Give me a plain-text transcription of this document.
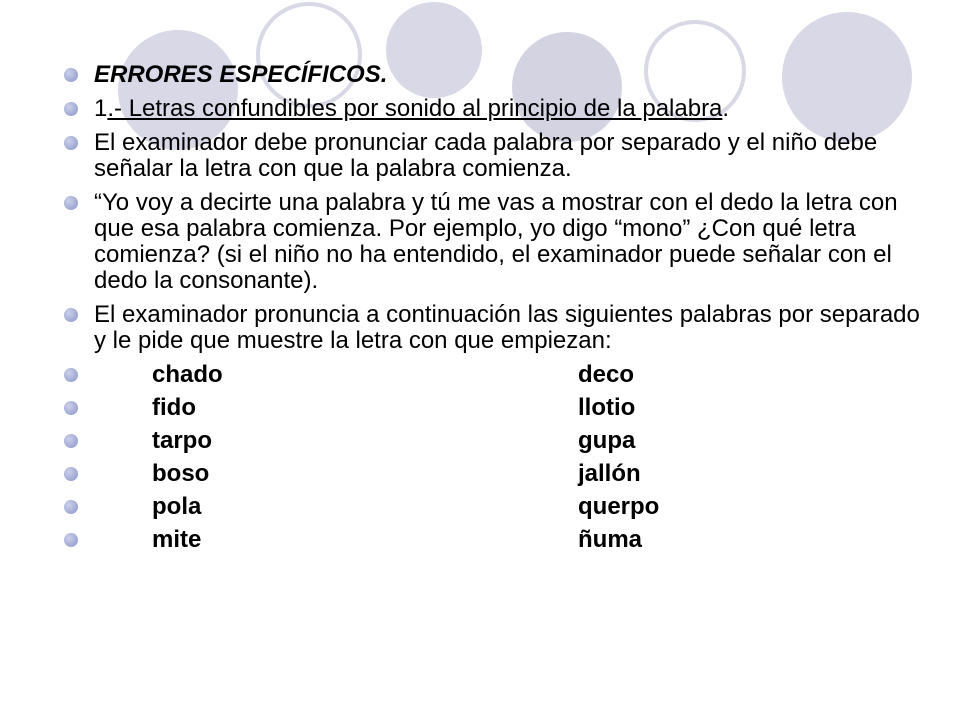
ERRORES ESPECÍFICOS.
1.- Letras confundibles por sonido al principio de la palabra.
El examinador debe pronunciar cada palabra por separado y el niño debe señalar la letra con que la palabra comienza.
“Yo voy a decirte una palabra y tú me vas a mostrar con el dedo la letra con que esa palabra comienza. Por ejemplo, yo digo “mono” ¿Con qué letra comienza? (si el niño no ha entendido, el examinador puede señalar con el dedo la consonante).
El examinador pronuncia a continuación las siguientes palabras por separado y le pide que muestre la letra con que empiezan:
chado	deco
fido	llotio
tarpo	gupa
boso	jallón
pola	querpo
mite	ñuma
